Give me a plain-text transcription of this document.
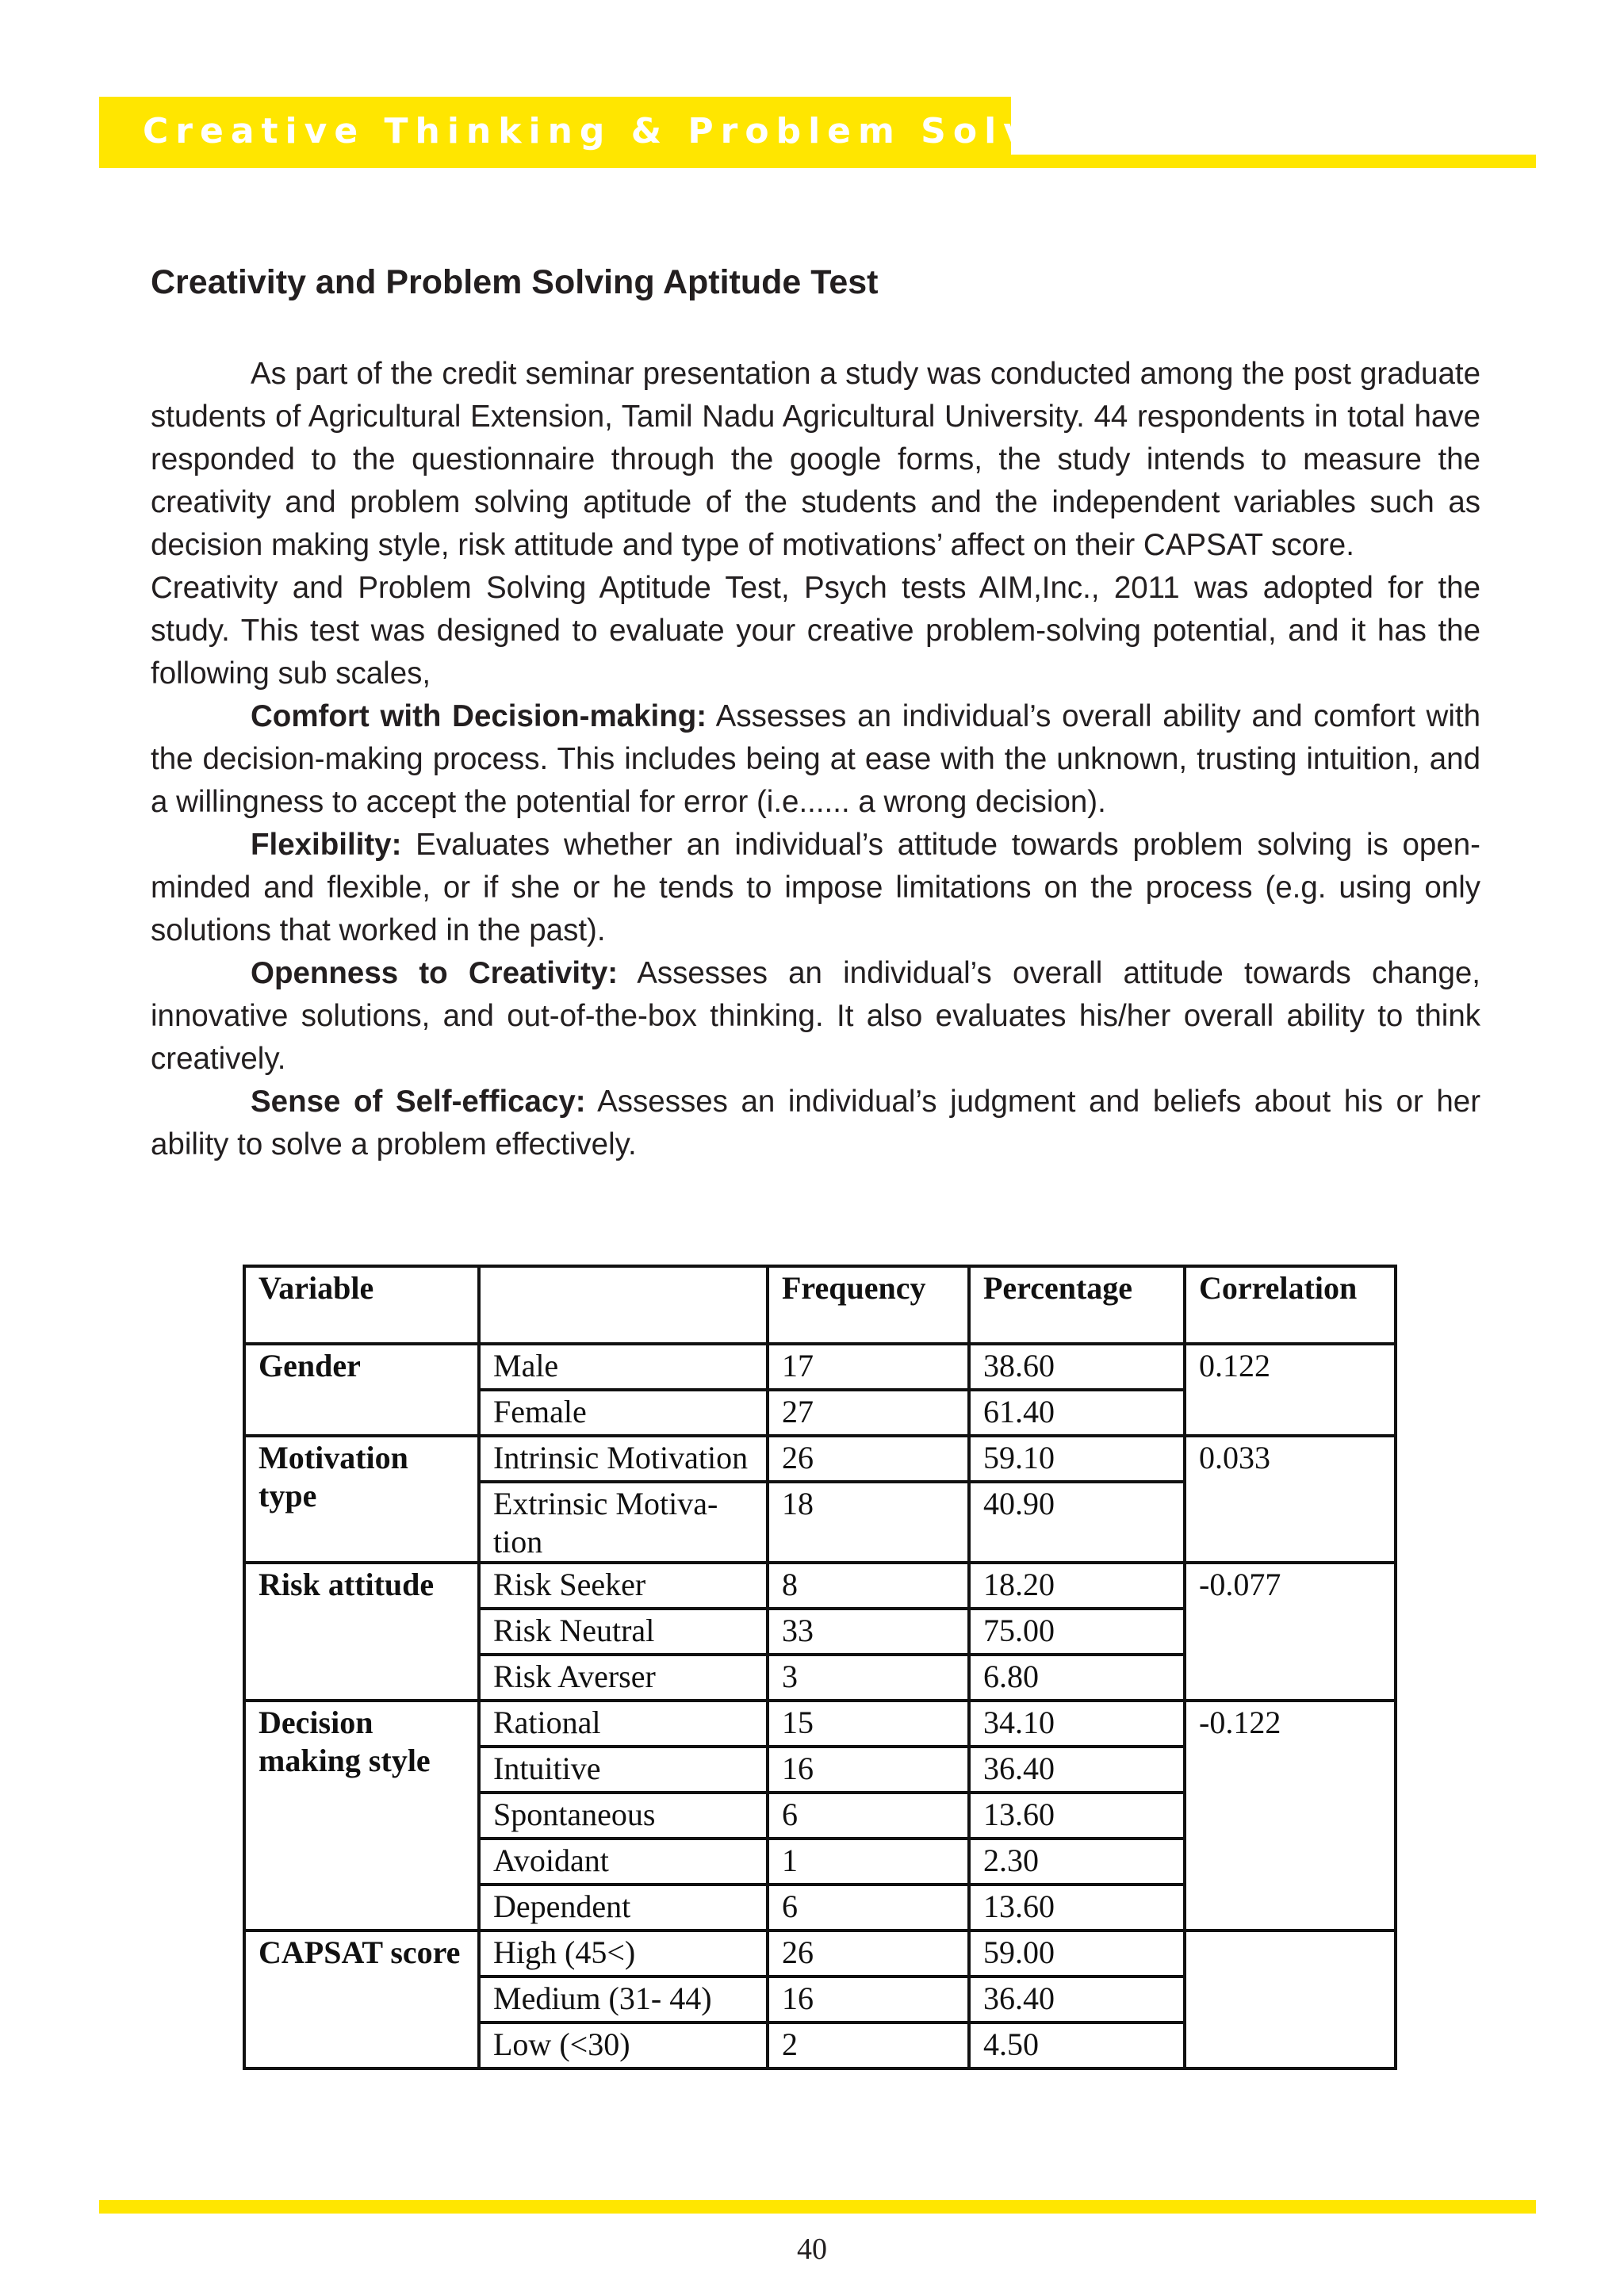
Creative Thinking & Problem Solving
Creativity and Problem Solving Aptitude Test

As part of the credit seminar presentation a study was conducted among the post graduate students of Agricultural Extension, Tamil Nadu Agricultural University. 44 respondents in total have responded to the questionnaire through the google forms, the study intends to measure the creativity and problem solving aptitude of the students and the independent variables such as decision making style, risk attitude and type of motivations’ affect on their CAPSAT score.

Creativity and Problem Solving Aptitude Test, Psych tests AIM,Inc., 2011 was adopted for the study. This test was designed to evaluate your creative problem-solving potential, and it has the following sub scales,

Comfort with Decision-making: Assesses an individual’s overall ability and comfort with the decision-making process. This includes being at ease with the unknown, trusting intuition, and a willingness to accept the potential for error (i.e...... a wrong decision).

Flexibility: Evaluates whether an individual’s attitude towards problem solving is open-minded and flexible, or if she or he tends to impose limitations on the process (e.g. using only solutions that worked in the past).

Openness to Creativity: Assesses an individual’s overall attitude towards change, innovative solutions, and out-of-the-box thinking. It also evaluates his/her overall ability to think creatively.

Sense of Self-efficacy: Assesses an individual’s judgment and beliefs about his or her ability to solve a problem effectively.

Variable		Frequency	Percentage	Correlation
Gender	Male	17	38.60	0.122
	Female	27	61.40	
Motivation type	Intrinsic Motivation	26	59.10	0.033
	Extrinsic Motivation	18	40.90	
Risk attitude	Risk Seeker	8	18.20	-0.077
	Risk Neutral	33	75.00	
	Risk Averser	3	6.80	
Decision making style	Rational	15	34.10	-0.122
	Intuitive	16	36.40	
	Spontaneous	6	13.60	
	Avoidant	1	2.30	
	Dependent	6	13.60	
CAPSAT score	High (45<)	26	59.00	
	Medium (31- 44)	16	36.40	
	Low (<30)	2	4.50	
40
